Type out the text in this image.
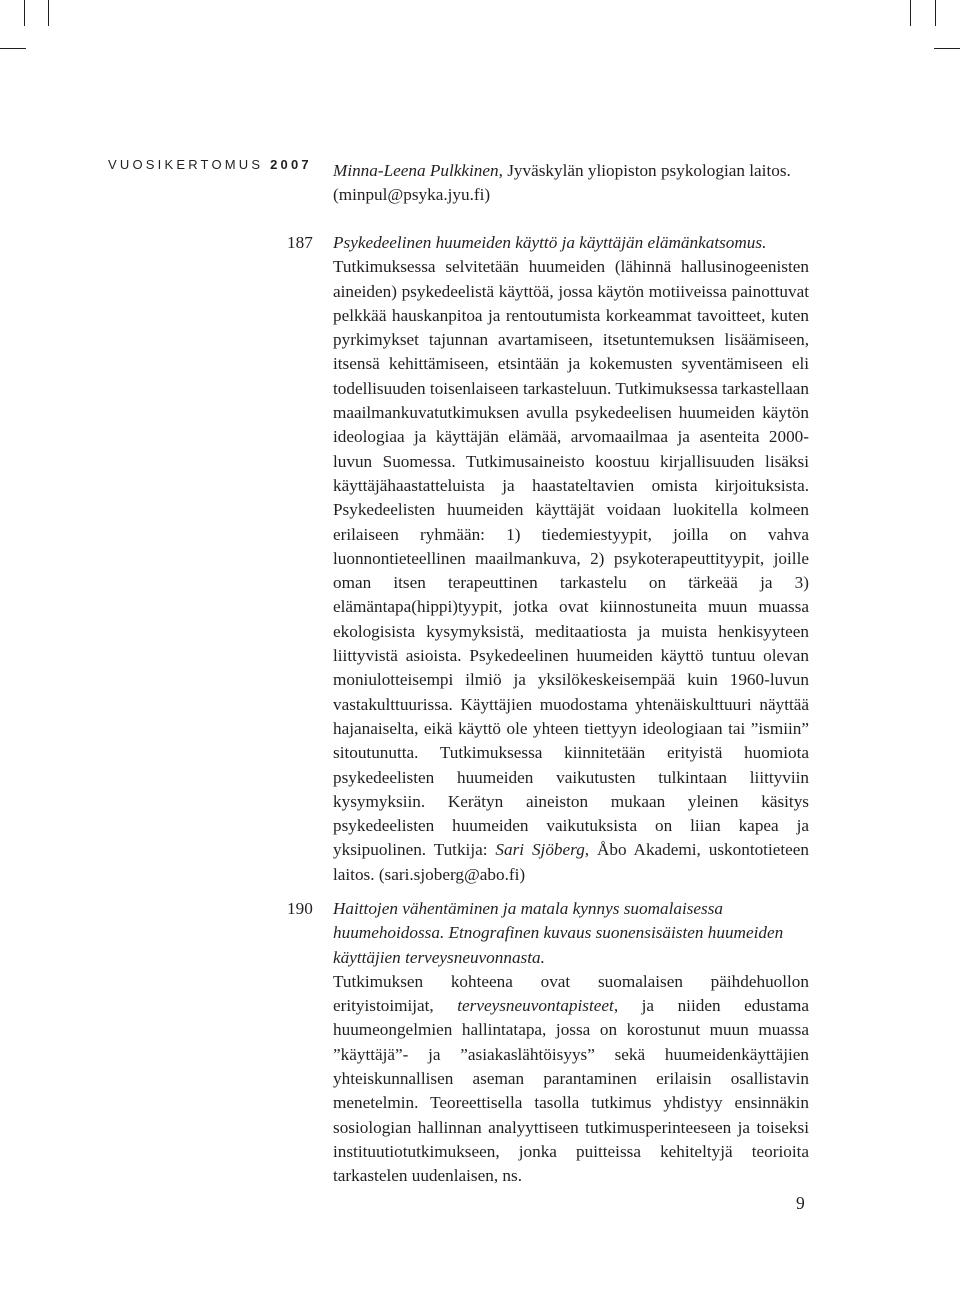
VUOSIKERTOMUS 2007 Minna-Leena Pulkkinen, Jyväskylän yliopiston psykologian laitos.
(minpul@psyka.jyu.fi)

187	Psykedeelinen huumeiden käyttö ja käyttäjän elämänkatsomus.

Tutkimuksessa selvitetään huumeiden (lähinnä hallusinogeenisten aineiden) psykedeelistä käyttöä, jossa käytön motiiveissa painottuvat pelkkää hauskanpitoa ja rentoutumista korkeammat tavoitteet, kuten pyrkimykset tajunnan avartamiseen, itsetuntemuksen lisäämiseen, itsensä kehittämiseen, etsintään ja kokemusten syventämiseen eli todellisuuden toisenlaiseen tarkasteluun. Tutkimuksessa tarkastellaan maailmankuvatutkimuksen avulla psykedeelisen huumeiden käytön ideologiaa ja käyttäjän elämää, arvomaailmaa ja asenteita 2000-luvun Suomessa. Tutkimusaineisto koostuu kirjallisuuden lisäksi käyttäjähaastatteluista ja haastateltavien omista kirjoituksista. Psykedeelisten huumeiden käyttäjät voidaan luokitella kolmeen erilaiseen ryhmään: 1) tiedemiestyypit, joilla on vahva luonnontieteellinen maailmankuva, 2) psykoterapeuttityypit, joille oman itsen terapeuttinen tarkastelu on tärkeää ja 3) elämäntapa(hippi)tyypit, jotka ovat kiinnostuneita muun muassa ekologisista kysymyksistä, meditaatiosta ja muista henkisyyteen liittyvistä asioista. Psykedeelinen huumeiden käyttö tuntuu olevan moniulotteisempi ilmiö ja yksilökeskeisempää kuin 1960-luvun vastakulttuurissa. Käyttäjien muodostama yhtenäiskulttuuri näyttää hajanaiselta, eikä käyttö ole yhteen tiettyyn ideologiaan tai ”ismiin” sitoutunutta. Tutkimuksessa kiinnitetään erityistä huomiota psykedeelisten huumeiden vaikutusten tulkintaan liittyviin kysymyksiin. Kerätyn aineiston mukaan yleinen käsitys psykedeelisten huumeiden vaikutuksista on liian kapea ja yksipuolinen. Tutkija: Sari Sjöberg, Åbo Akademi, uskontotieteen laitos. (sari.sjoberg@abo.fi)

190	Haittojen vähentäminen ja matala kynnys suomalaisessa huumehoidossa. Etnografinen kuvaus suonensisäisten huumeiden käyttäjien terveysneuvonnasta.

Tutkimuksen kohteena ovat suomalaisen päihdehuollon erityistoimijat, terveysneuvontapisteet, ja niiden edustama huumeongelmien hallintatapa, jossa on korostunut muun muassa ”käyttäjä”- ja ”asiakaslähtöisyys” sekä huumeidenkäyttäjien yhteiskunnallisen aseman parantaminen erilaisin osallistavin menetelmin. Teoreettisella tasolla tutkimus yhdistyy ensinnäkin sosiologian hallinnan analyyttiseen tutkimusperinteeseen ja toiseksi instituutiotutkimukseen, jonka puitteissa kehiteltyjä teorioita tarkastelen uudenlaisen, ns.

9
